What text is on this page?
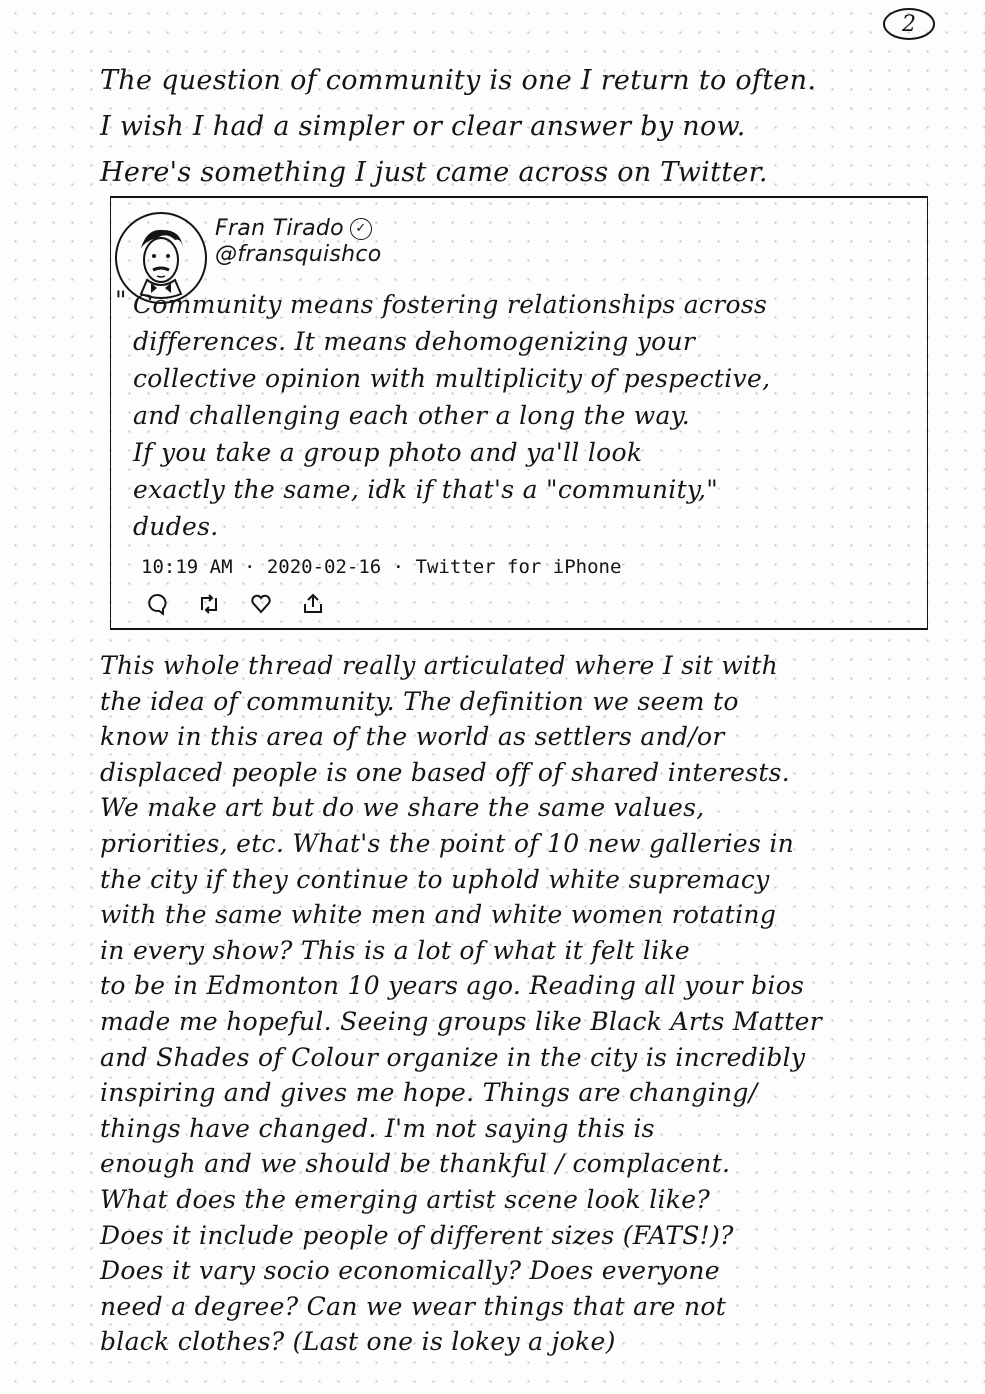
2
The question of community is one I return to often.
I wish I had a simpler or clear answer by now.
Here's something I just came across on Twitter.
Fran Tirado ✓
@fransquishco
" Community means fostering relationships across
differences. It means dehomogenizing your
collective opinion with multiplicity of pespective,
and challenging each other a long the way.
If you take a group photo and ya'll look
exactly the same, idk if that's a "community,"
dudes.
10:19 AM · 2020-02-16 · Twitter for iPhone
This whole thread really articulated where I sit with
the idea of community. The definition we seem to
know in this area of the world as settlers and/or
displaced people is one based off of shared interests.
We make art but do we share the same values,
priorities, etc. What's the point of 10 new galleries in
the city if they continue to uphold white supremacy
with the same white men and white women rotating
in every show? This is a lot of what it felt like
to be in Edmonton 10 years ago. Reading all your bios
made me hopeful. Seeing groups like Black Arts Matter
and Shades of Colour organize in the city is incredibly
inspiring and gives me hope. Things are changing/
things have changed. I'm not saying this is
enough and we should be thankful / complacent.
What does the emerging artist scene look like?
Does it include people of different sizes (FATS!)?
Does it vary socio economically? Does everyone
need a degree? Can we wear things that are not
black clothes? (Last one is lokey a joke)
